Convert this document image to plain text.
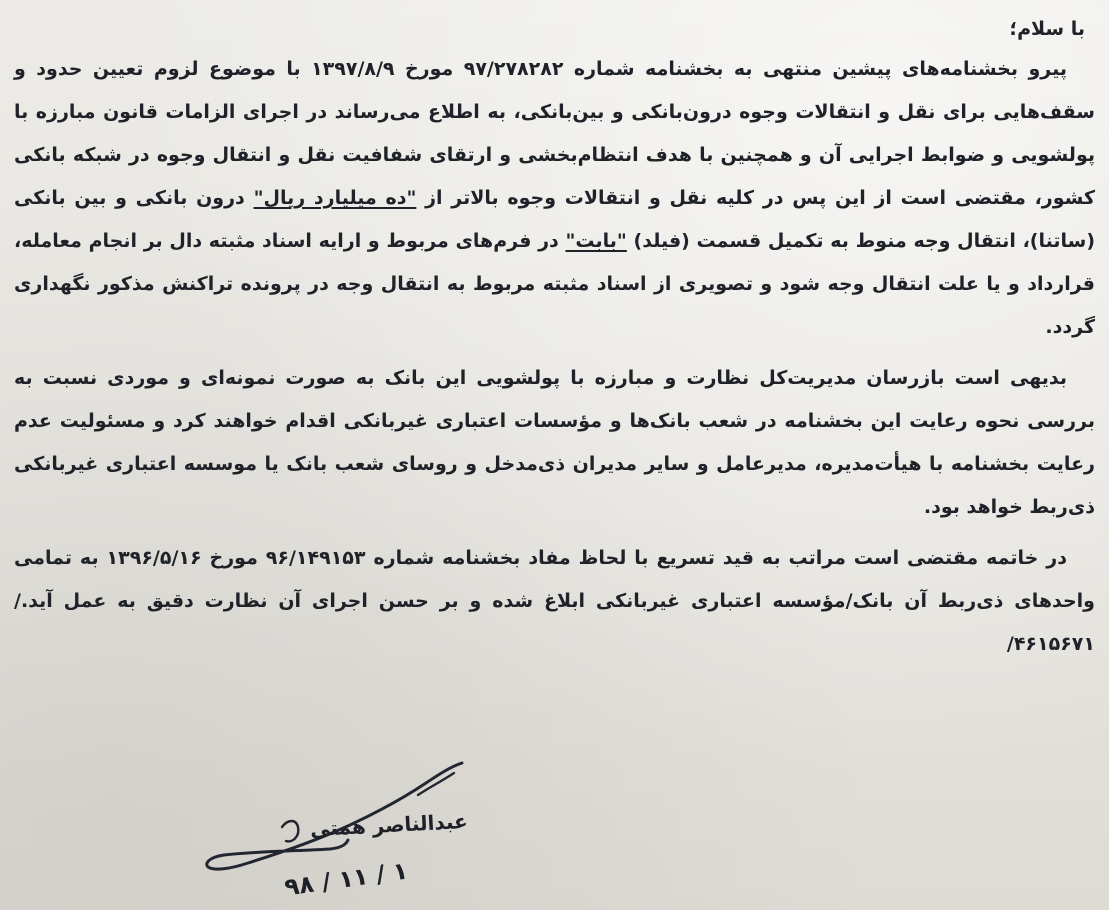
با سلام؛

پیرو بخشنامه‌های پیشین منتهی به بخشنامه شماره ۹۷/۲۷۸۲۸۲ مورخ ۱۳۹۷/۸/۹ با موضوع لزوم تعیین حدود و سقف‌هایی برای نقل و انتقالات وجوه درون‌بانکی و بین‌بانکی، به اطلاع می‌رساند در اجرای الزامات قانون مبارزه با پولشویی و ضوابط اجرایی آن و همچنین با هدف انتظام‌بخشی و ارتقای شفافیت نقل و انتقال وجوه در شبکه بانکی کشور، مقتضی است از این پس در کلیه نقل و انتقالات وجوه بالاتر از "ده میلیارد ریال" درون بانکی و بین بانکی (ساتنا)، انتقال وجه منوط به تکمیل قسمت (فیلد) "بابت" در فرم‌های مربوط و ارایه اسناد مثبته دال بر انجام معامله، قرارداد و یا علت انتقال وجه شود و تصویری از اسناد مثبته مربوط به انتقال وجه در پرونده تراکنش مذکور نگهداری گردد.

بدیهی است بازرسان مدیریت‌کل نظارت و مبارزه با پولشویی این بانک به صورت نمونه‌ای و موردی نسبت به بررسی نحوه رعایت این بخشنامه در شعب بانک‌ها و مؤسسات اعتباری غیربانکی اقدام خواهند کرد و مسئولیت عدم رعایت بخشنامه با هیأت‌مدیره، مدیرعامل و سایر مدیران ذی‌مدخل و روسای شعب بانک یا موسسه اعتباری غیربانکی ذی‌ربط خواهد بود.

در خاتمه مقتضی است مراتب به قید تسریع با لحاظ مفاد بخشنامه شماره ۹۶/۱۴۹۱۵۳ مورخ ۱۳۹۶/۵/۱۶ به تمامی واحدهای ذی‌ربط آن بانک/مؤسسه اعتباری غیربانکی ابلاغ شده و بر حسن اجرای آن نظارت دقیق به عمل آید./۴۶۱۵۶۷۱/

عبدالناصر همتی
۹۸ / ۱۱ / ۱
